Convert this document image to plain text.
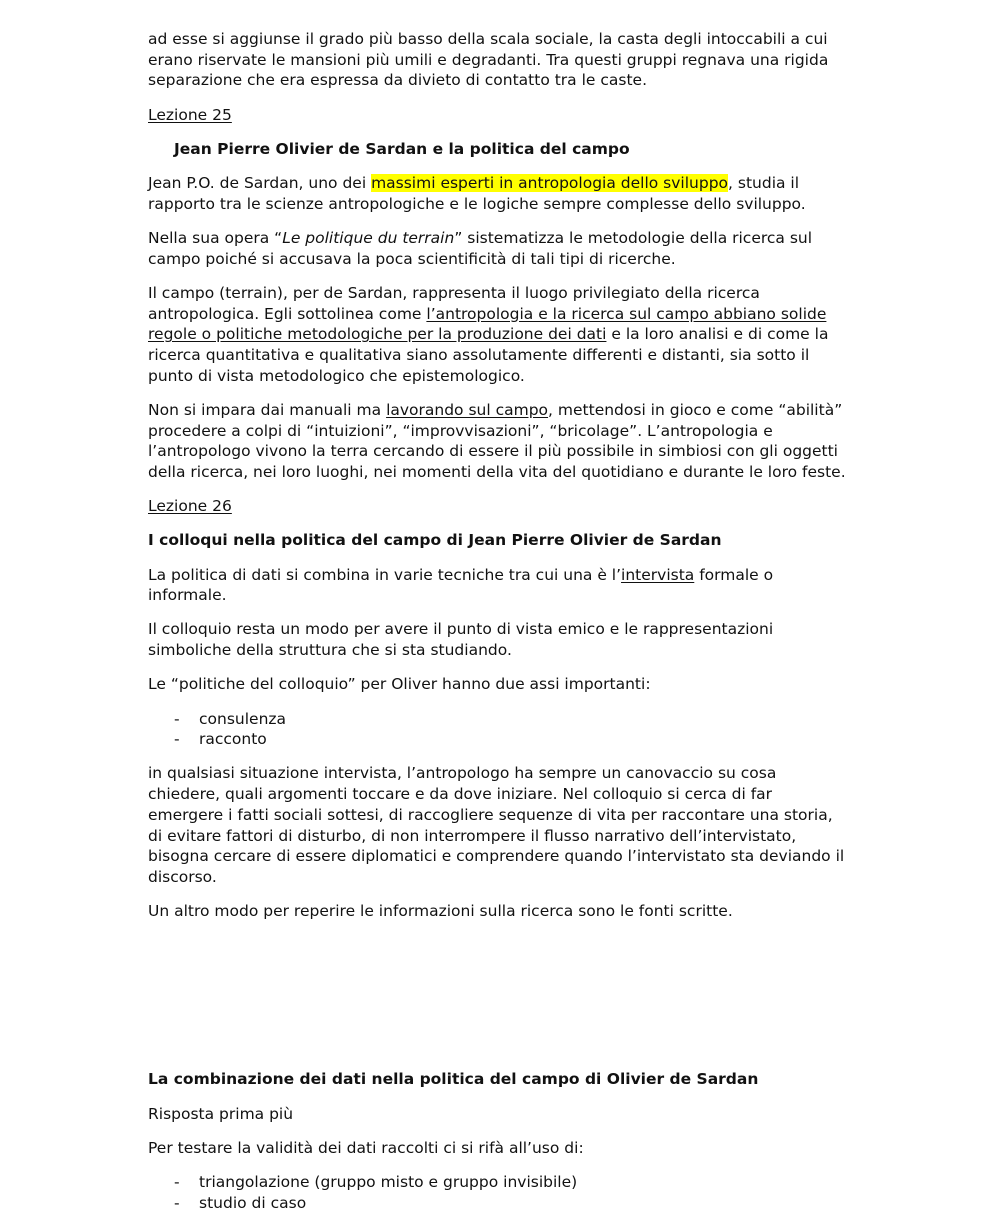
ad esse si aggiunse il grado più basso della scala sociale, la casta degli intoccabili a cui erano riservate le mansioni più umili e degradanti. Tra questi gruppi regnava una rigida separazione che era espressa da divieto di contatto tra le caste.

Lezione 25

Jean Pierre Olivier de Sardan e la politica del campo

Jean P.O. de Sardan, uno dei massimi esperti in antropologia dello sviluppo, studia il rapporto tra le scienze antropologiche e le logiche sempre complesse dello sviluppo.

Nella sua opera “Le politique du terrain” sistematizza le metodologie della ricerca sul campo poiché si accusava la poca scientificità di tali tipi di ricerche.

Il campo (terrain), per de Sardan, rappresenta il luogo privilegiato della ricerca antropologica. Egli sottolinea come l’antropologia e la ricerca sul campo abbiano solide regole o politiche metodologiche per la produzione dei dati e la loro analisi e di come la ricerca quantitativa e qualitativa siano assolutamente differenti e distanti, sia sotto il punto di vista metodologico che epistemologico.

Non si impara dai manuali ma lavorando sul campo, mettendosi in gioco e come “abilità” procedere a colpi di “intuizioni”, “improvvisazioni”, “bricolage”. L’antropologia e l’antropologo vivono la terra cercando di essere il più possibile in simbiosi con gli oggetti della ricerca, nei loro luoghi, nei momenti della vita del quotidiano e durante le loro feste.

Lezione 26

I colloqui nella politica del campo di Jean Pierre Olivier de Sardan

La politica di dati si combina in varie tecniche tra cui una è l’intervista formale o informale.

Il colloquio resta un modo per avere il punto di vista emico e le rappresentazioni simboliche della struttura che si sta studiando.

Le “politiche del colloquio” per Oliver hanno due assi importanti:

- consulenza
- racconto

in qualsiasi situazione intervista, l’antropologo ha sempre un canovaccio su cosa chiedere, quali argomenti toccare e da dove iniziare. Nel colloquio si cerca di far emergere i fatti sociali sottesi, di raccogliere sequenze di vita per raccontare una storia, di evitare fattori di disturbo, di non interrompere il flusso narrativo dell’intervistato, bisogna cercare di essere diplomatici e comprendere quando l’intervistato sta deviando il discorso.

Un altro modo per reperire le informazioni sulla ricerca sono le fonti scritte.

La combinazione dei dati nella politica del campo di Olivier de Sardan

Risposta prima più

Per testare la validità dei dati raccolti ci si rifà all’uso di:

- triangolazione (gruppo misto e gruppo invisibile)
- studio di caso
